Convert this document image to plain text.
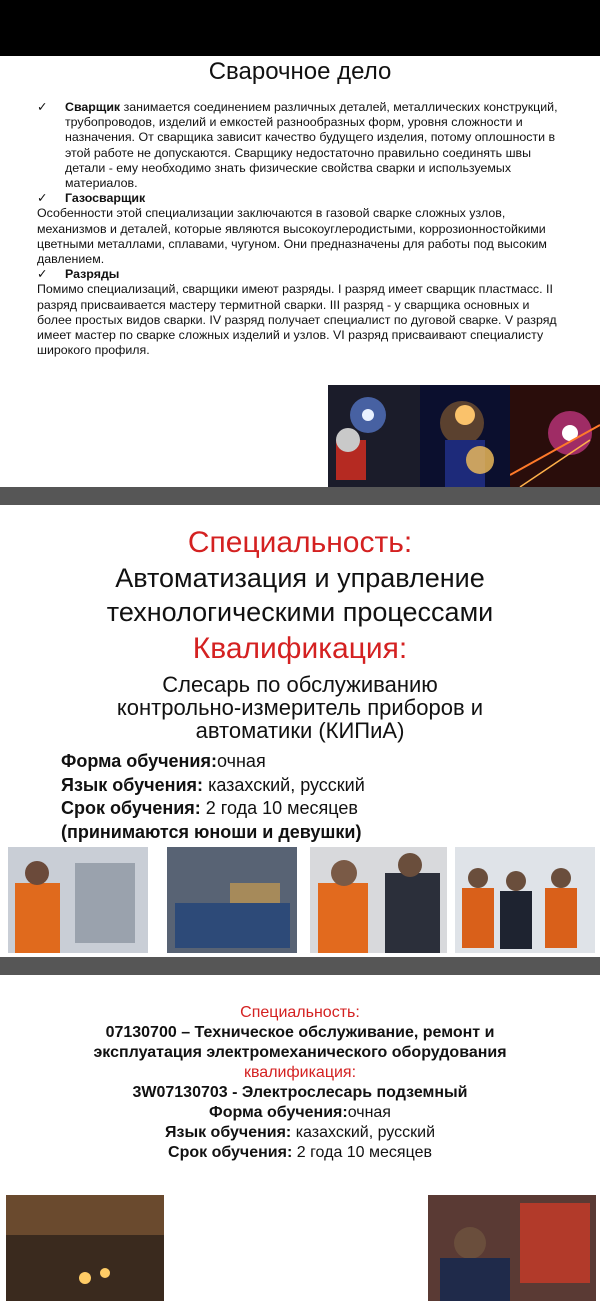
Сварочное дело
✓	Сварщик занимается соединением различных деталей, металлических конструкций, трубопроводов, изделий и емкостей разнообразных форм, уровня сложности и назначения. От сварщика зависит качество будущего изделия, потому оплошности в этой работе не допускаются. Сварщику недостаточно правильно соединять швы детали - ему необходимо знать физические свойства сварки и используемых материалов.
✓	Газосварщик
Особенности этой специализации заключаются в газовой сварке сложных узлов, механизмов и деталей, которые являются высокоуглеродистыми, коррозионностойкими цветными металлами, сплавами, чугуном. Они предназначены для работы под высоким давлением.
✓	Разряды
Помимо специализаций, сварщики имеют разряды. I разряд имеет сварщик пластмасс. II разряд присваивается мастеру термитной сварки. III разряд - у сварщика основных и более простых видов сварки. IV разряд получает специалист по дуговой сварке. V разряд имеет мастер по сварке сложных изделий и узлов. VI разряд присваивают специалисту широкого профиля.
Специальность:
Автоматизация и управление
технологическими процессами
Квалификация:
Слесарь по обслуживанию
контрольно-измеритель приборов и
автоматики (КИПиА)
Форма обучения:очная
Язык обучения: казахский, русский
Срок обучения: 2 года 10 месяцев
(принимаются юноши и девушки)
Специальность:
07130700 – Техническое обслуживание, ремонт и
эксплуатация электромеханического оборудования
квалификация:
3W07130703 - Электрослесарь подземный
Форма обучения:очная
Язык обучения: казахский, русский
Срок обучения: 2 года 10 месяцев
